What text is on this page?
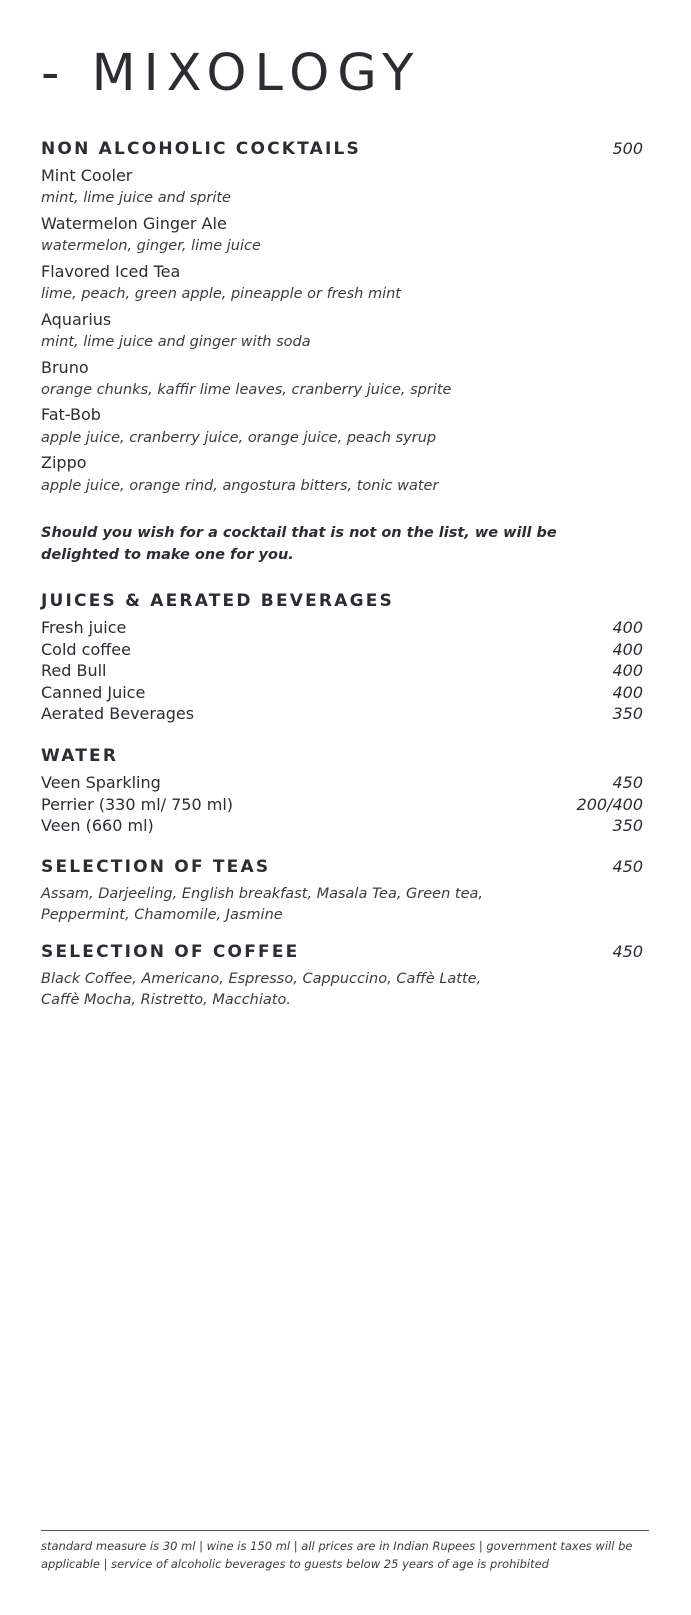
- MIXOLOGY
NON ALCOHOLIC COCKTAILS	500
Mint Cooler
mint, lime juice and sprite
Watermelon Ginger Ale
watermelon, ginger, lime juice
Flavored Iced Tea
lime, peach, green apple, pineapple or fresh mint
Aquarius
mint, lime juice and ginger with soda
Bruno
orange chunks, kaffir lime leaves, cranberry juice, sprite
Fat-Bob
apple juice, cranberry juice, orange juice, peach syrup
Zippo
apple juice, orange rind, angostura bitters, tonic water
Should you wish for a cocktail that is not on the list, we will be delighted to make one for you.
JUICES & AERATED BEVERAGES
Fresh juice	400
Cold coffee	400
Red Bull	400
Canned Juice	400
Aerated Beverages	350
WATER
Veen Sparkling	450
Perrier (330 ml/ 750 ml)	200/400
Veen (660 ml)	350
SELECTION OF TEAS	450
Assam, Darjeeling, English breakfast, Masala Tea, Green tea, Peppermint, Chamomile, Jasmine
SELECTION OF COFFEE	450
Black Coffee, Americano, Espresso, Cappuccino, Caffè Latte, Caffè Mocha, Ristretto, Macchiato.
standard measure is 30 ml | wine is 150 ml | all prices are in Indian Rupees | government taxes will be applicable | service of alcoholic beverages to guests below 25 years of age is prohibited
